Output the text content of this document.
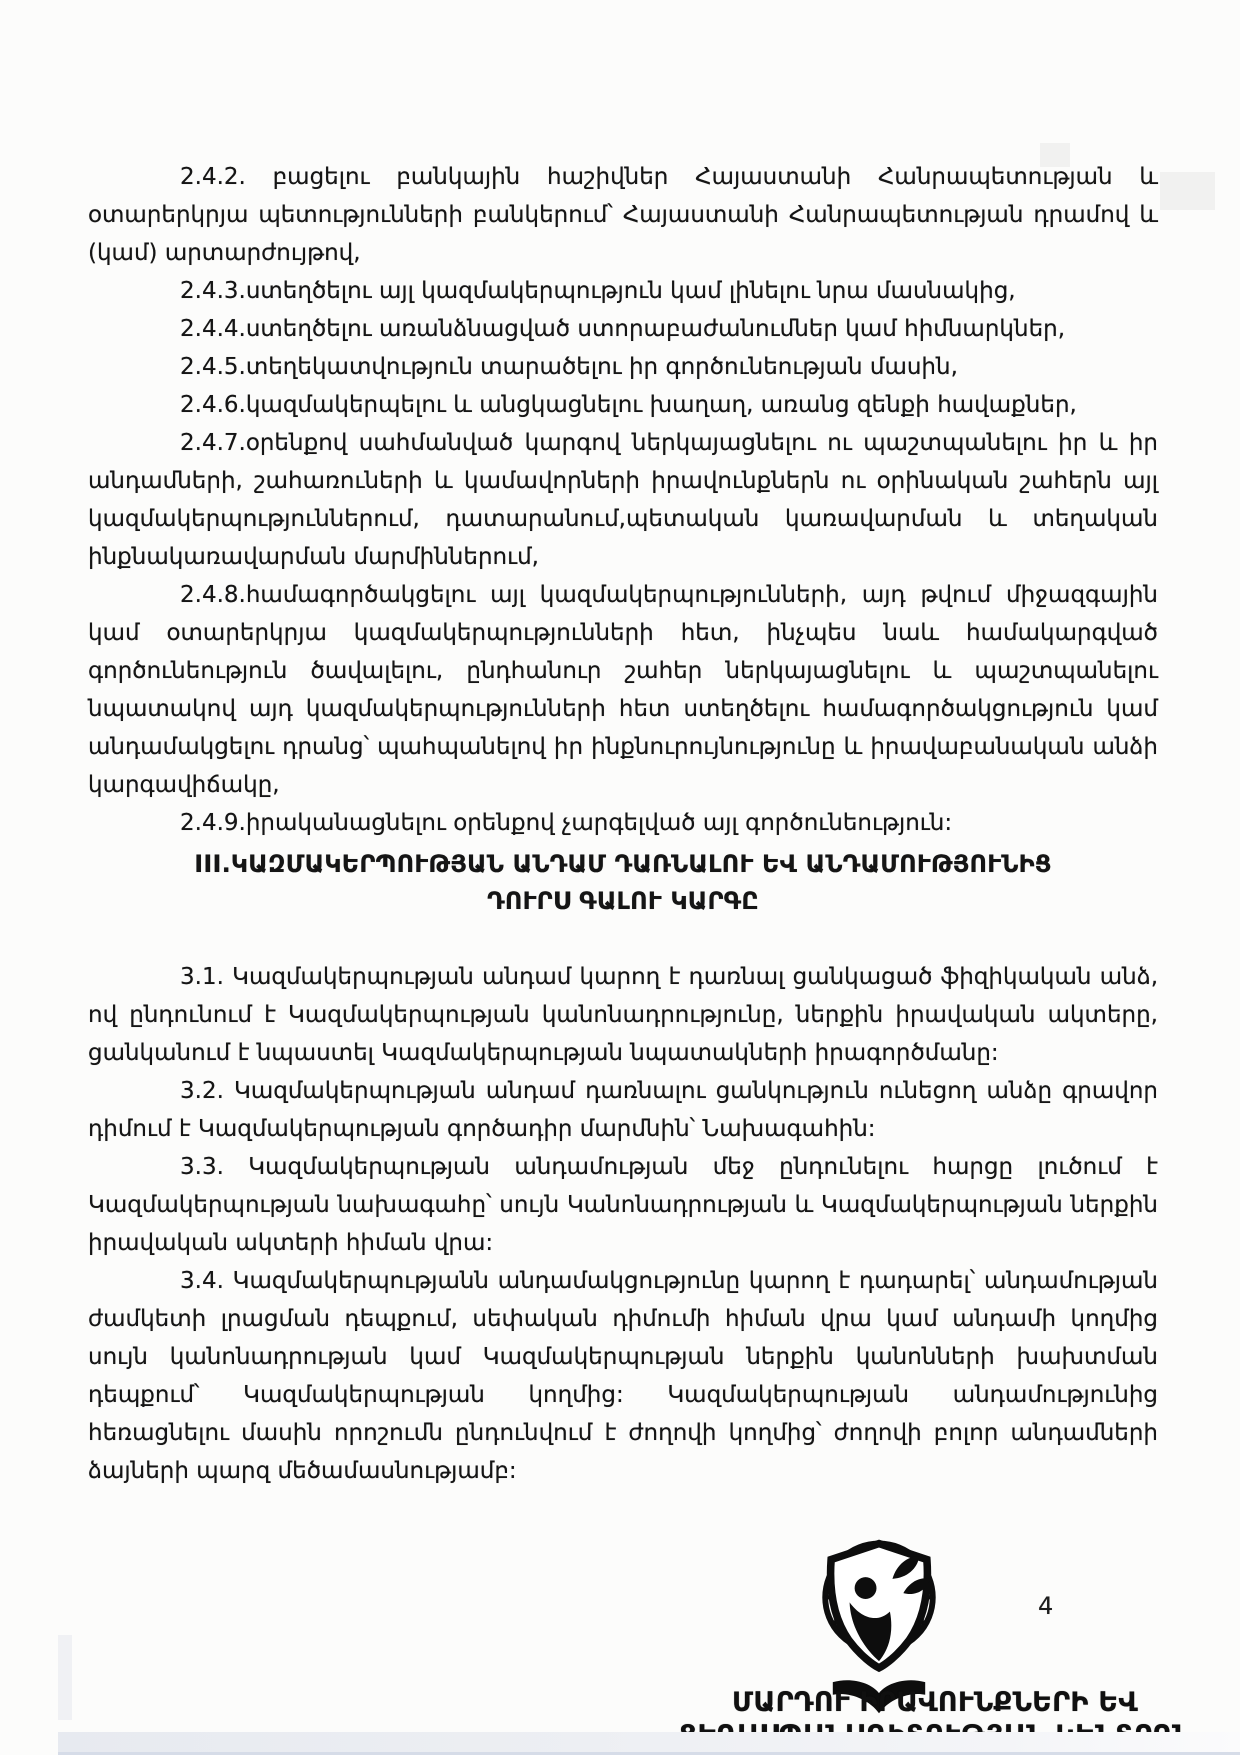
2.4.2. բացելու բանկային հաշիվներ Հայաստանի Հանրապետության և օտարերկրյա պետությունների բանկերում՝ Հայաստանի Հանրապետության դրամով և (կամ) արտարժույթով,

2.4.3.ստեղծելու այլ կազմակերպություն կամ լինելու նրա մասնակից,

2.4.4.ստեղծելու առանձնացված ստորաբաժանումներ կամ հիմնարկներ,

2.4.5.տեղեկատվություն տարածելու իր գործունեության մասին,

2.4.6.կազմակերպելու և անցկացնելու խաղաղ, առանց զենքի հավաքներ,

2.4.7.օրենքով սահմանված կարգով ներկայացնելու ու պաշտպանելու իր և իր անդամների, շահառուների և կամավորների իրավունքներն ու օրինական շահերն այլ կազմակերպություններում, դատարանում,պետական կառավարման և տեղական ինքնակառավարման մարմիններում,

2.4.8.համագործակցելու այլ կազմակերպությունների, այդ թվում միջազգային կամ օտարերկրյա կազմակերպությունների հետ, ինչպես նաև համակարգված գործունեություն ծավալելու, ընդհանուր շահեր ներկայացնելու և պաշտպանելու նպատակով այդ կազմակերպությունների հետ ստեղծելու համագործակցություն կամ անդամակցելու դրանց՝ պահպանելով իր ինքնուրույնությունը և իրավաբանական անձի կարգավիճակը,

2.4.9.իրականացնելու օրենքով չարգելված այլ գործունեություն:

III.ԿԱԶՄԱԿԵՐՊՈՒԹՅԱՆ ԱՆԴԱՄ ԴԱՌՆԱԼՈՒ ԵՎ ԱՆԴԱՄՈՒԹՅՈՒՆԻՑ
ԴՈՒՐՍ ԳԱԼՈՒ ԿԱՐԳԸ

3.1. Կազմակերպության անդամ կարող է դառնալ ցանկացած ֆիզիկական անձ, ով ընդունում է Կազմակերպության կանոնադրությունը, ներքին իրավական ակտերը, ցանկանում է նպաստել Կազմակերպության նպատակների իրագործմանը:

3.2. Կազմակերպության անդամ դառնալու ցանկություն ունեցող անձը գրավոր դիմում է Կազմակերպության գործադիր մարմնին՝ Նախագահին:

3.3. Կազմակերպության անդամության մեջ ընդունելու հարցը լուծում է Կազմակերպության նախագահը՝ սույն Կանոնադրության և Կազմակերպության ներքին իրավական ակտերի հիման վրա:

3.4. Կազմակերպությանն անդամակցությունը կարող է դադարել՝ անդամության ժամկետի լրացման դեպքում, սեփական դիմումի հիման վրա կամ անդամի կողմից սույն կանոնադրության կամ Կազմակերպության ներքին կանոնների խախտման դեպքում՝ Կազմակերպության կողմից: Կազմակերպության անդամությունից հեռացնելու մասին որոշումն ընդունվում է ժողովի կողմից՝ ժողովի բոլոր անդամների ձայների պարզ մեծամասնությամբ:

4
ՄԱՐԴՈՒ ԻՐԱՎՈՒՆՔՆԵՐԻ ԵՎ
